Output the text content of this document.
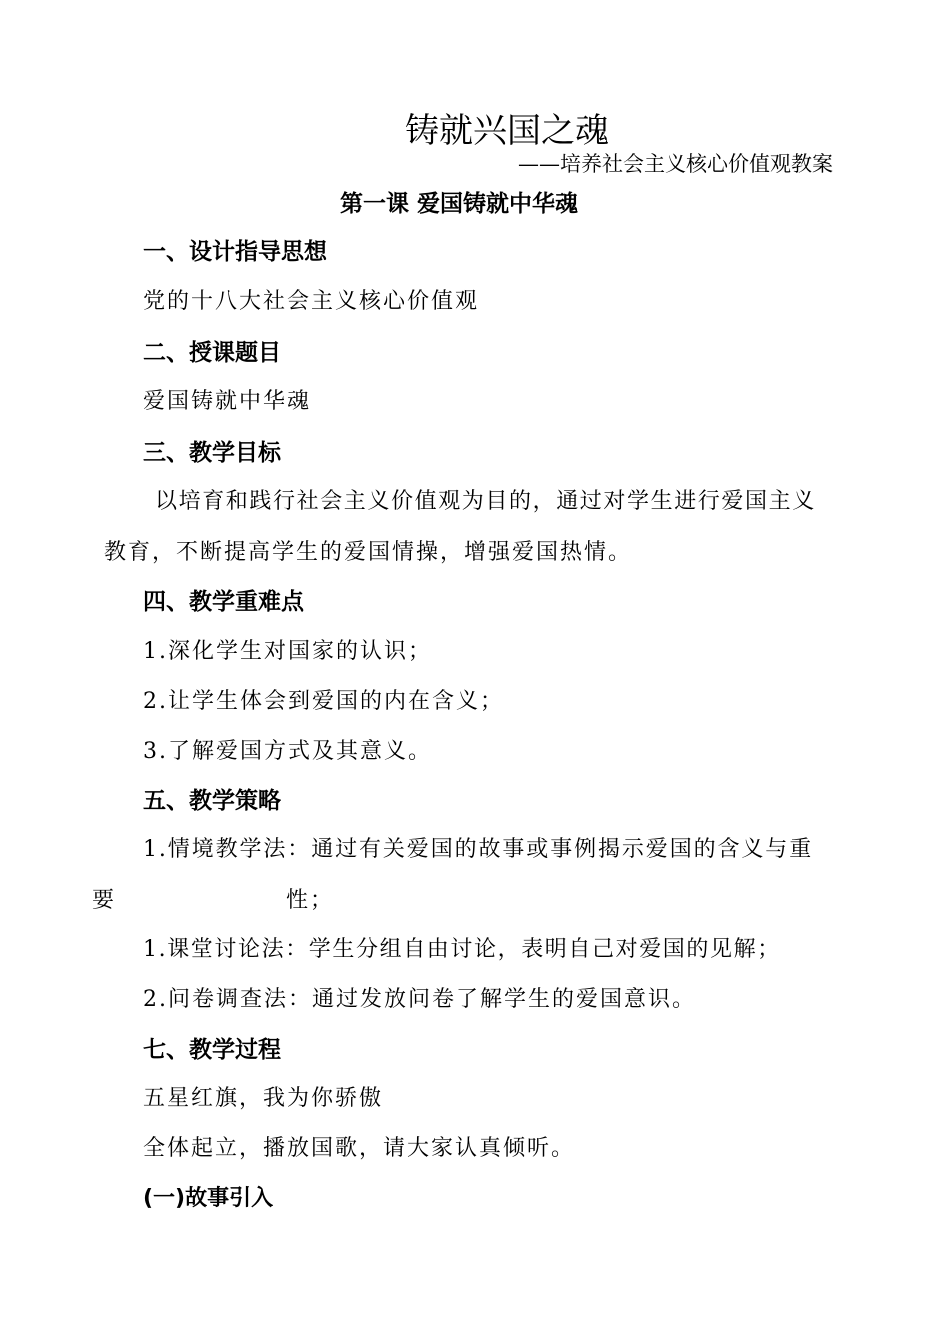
铸就兴国之魂
——培养社会主义核心价值观教案
第一课 爱国铸就中华魂
一、设计指导思想
党的十八大社会主义核心价值观
二、授课题目
爱国铸就中华魂
三、教学目标
以培育和践行社会主义价值观为目的，通过对学生进行爱国主义
教育，不断提高学生的爱国情操，增强爱国热情。
四、教学重难点
1.深化学生对国家的认识；
2.让学生体会到爱国的内在含义；
3.了解爱国方式及其意义。
五、教学策略
1.情境教学法：通过有关爱国的故事或事例揭示爱国的含义与重
要	性；
1.课堂讨论法：学生分组自由讨论，表明自己对爱国的见解；
2.问卷调查法：通过发放问卷了解学生的爱国意识。
七、教学过程
五星红旗，我为你骄傲
全体起立，播放国歌，请大家认真倾听。
(一)故事引入
